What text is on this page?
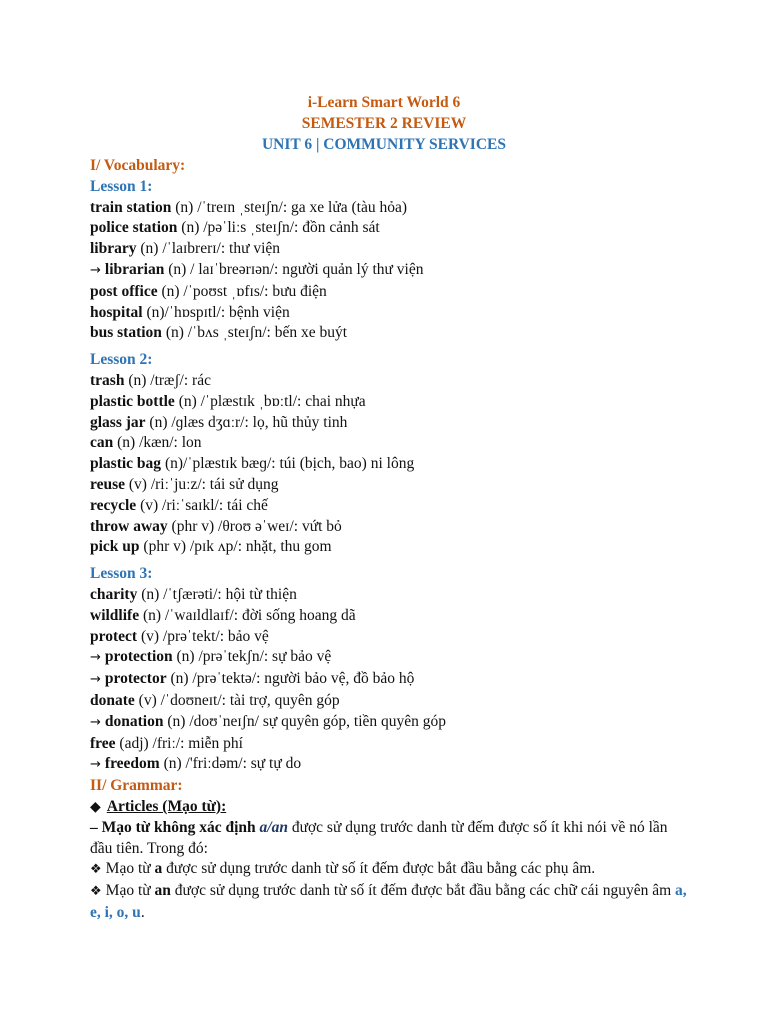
i-Learn Smart World 6
SEMESTER 2 REVIEW
UNIT 6 | COMMUNITY SERVICES
I/ Vocabulary:
Lesson 1:
train station (n) /ˈtreɪn ˌsteɪʃn/: ga xe lửa (tàu hỏa)
police station (n) /pəˈliːs ˌsteɪʃn/: đồn cảnh sát
library (n) /ˈlaɪbrerɪ/: thư viện
→ librarian (n) / laɪˈbreərɪən/: người quản lý thư viện
post office (n) /ˈpoʊst ˌɒfɪs/: bưu điện
hospital (n)/ˈhɒspɪtl/: bệnh viện
bus station (n) /ˈbʌs ˌsteɪʃn/: bến xe buýt
Lesson 2:
trash (n) /træʃ/: rác
plastic bottle (n) /ˈplæstɪk ˌbɒːtl/: chai nhựa
glass jar (n) /ɡlæs dʒɑːr/: lọ, hũ thủy tinh
can (n) /kæn/: lon
plastic bag (n)/ˈplæstɪk bæɡ/: túi (bịch, bao) ni lông
reuse (v) /riːˈjuːz/: tái sử dụng
recycle (v) /riːˈsaɪkl/: tái chế
throw away (phr v) /θroʊ əˈweɪ/: vứt bỏ
pick up (phr v) /pɪk ʌp/: nhặt, thu gom
Lesson 3:
charity (n) /ˈtʃærəti/: hội từ thiện
wildlife (n) /ˈwaɪldlaɪf/: đời sống hoang dã
protect (v) /prəˈtekt/: bảo vệ
→ protection (n) /prəˈtekʃn/: sự bảo vệ
→ protector (n) /prəˈtektə/: người bảo vệ, đồ bảo hộ
donate (v) /ˈdoʊneɪt/: tài trợ, quyên góp
→ donation (n) /doʊˈneɪʃn/ sự quyên góp, tiền quyên góp
free (adj) /friː/: miễn phí
→ freedom (n) /'friːdəm/: sự tự do
II/ Grammar:
◆ Articles (Mạo từ):
– Mạo từ không xác định a/an được sử dụng trước danh từ đếm được số ít khi nói về nó lần đầu tiên. Trong đó:
❖ Mạo từ a được sử dụng trước danh từ số ít đếm được bắt đầu bằng các phụ âm.
❖ Mạo từ an được sử dụng trước danh từ số ít đếm được bắt đầu bằng các chữ cái nguyên âm a, e, i, o, u.
